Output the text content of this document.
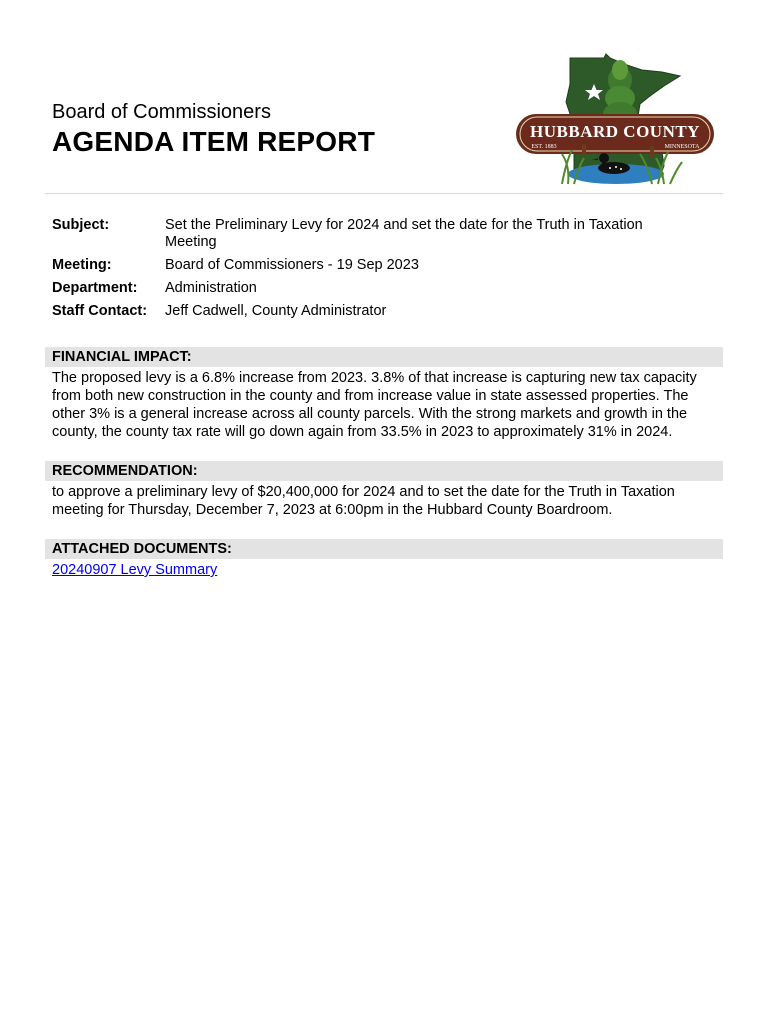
Board of Commissioners
AGENDA ITEM REPORT	HUBBARD COUNTY
EST. 1883	MINNESOTA
Subject:	Set the Preliminary Levy for 2024 and set the date for the Truth in Taxation Meeting
Meeting:	Board of Commissioners - 19 Sep 2023
Department:	Administration
Staff Contact:	Jeff Cadwell, County Administrator
FINANCIAL IMPACT:
The proposed levy is a 6.8% increase from 2023. 3.8% of that increase is capturing new tax capacity from both new construction in the county and from increase value in state assessed properties. The other 3% is a general increase across all county parcels. With the strong markets and growth in the county, the county tax rate will go down again from 33.5% in 2023 to approximately 31% in 2024.
RECOMMENDATION:
to approve a preliminary levy of $20,400,000 for 2024 and to set the date for the Truth in Taxation meeting for Thursday, December 7, 2023 at 6:00pm in the Hubbard County Boardroom.
ATTACHED DOCUMENTS:
20240907 Levy Summary
